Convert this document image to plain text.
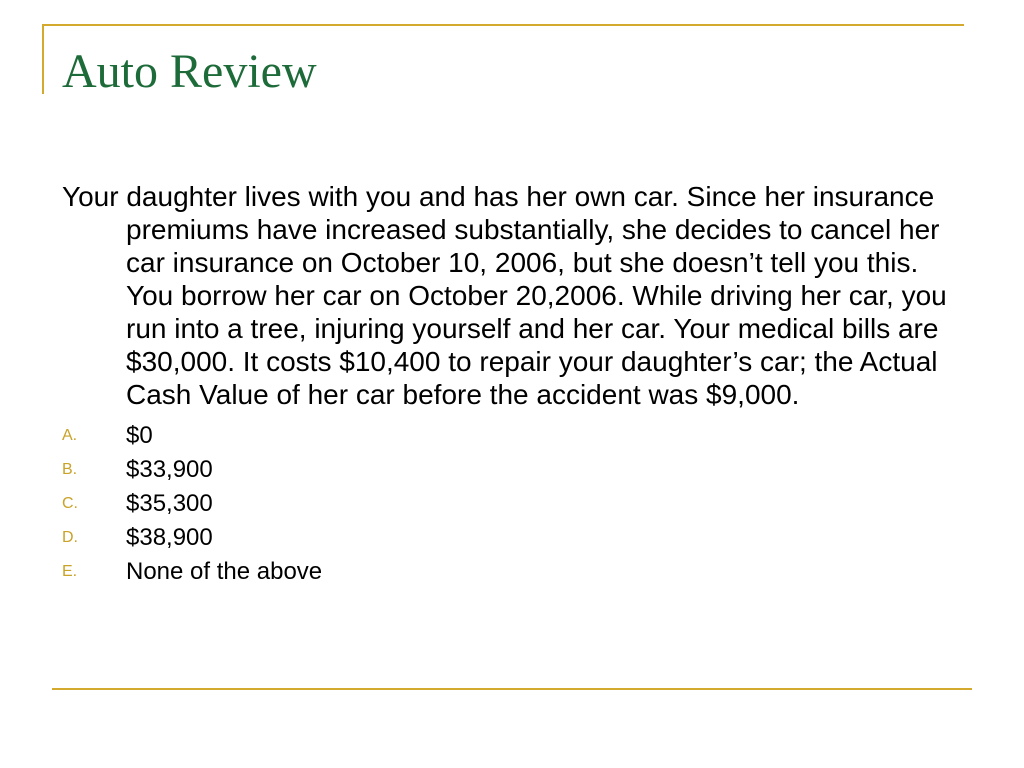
Auto Review

Your daughter lives with you and has her own car. Since her insurance premiums have increased substantially, she decides to cancel her car insurance on October 10, 2006, but she doesn’t tell you this. You borrow her car on October 20,2006. While driving her car, you run into a tree, injuring yourself and her car. Your medical bills are $30,000. It costs $10,400 to repair your daughter’s car; the Actual Cash Value of her car before the accident was $9,000.

A. $0
B. $33,900
C. $35,300
D. $38,900
E. None of the above
